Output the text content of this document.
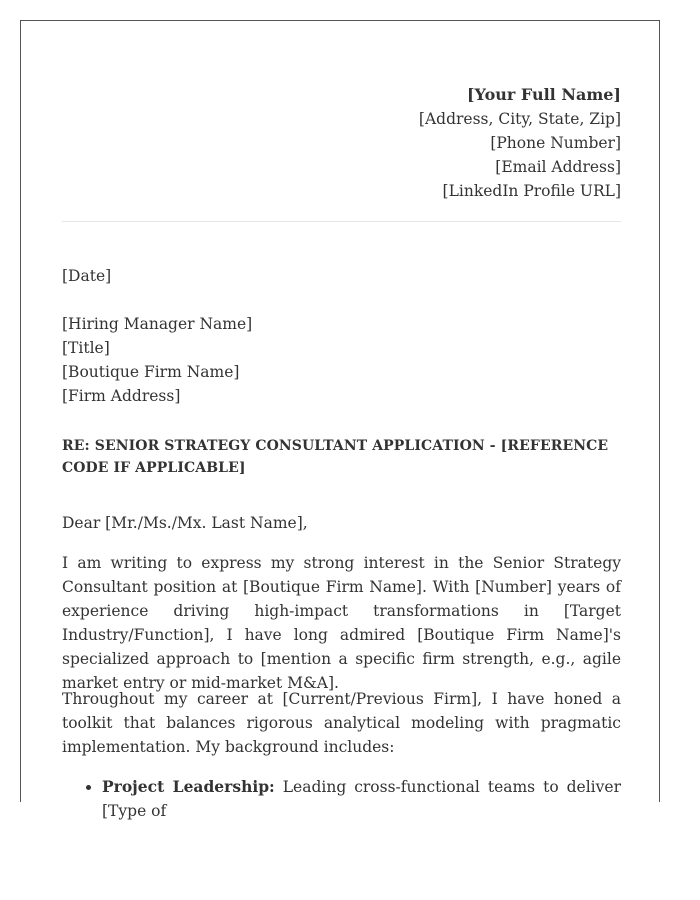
[Your Full Name]
[Address, City, State, Zip]
[Phone Number]
[Email Address]
[LinkedIn Profile URL]
[Date]
[Hiring Manager Name]
[Title]
[Boutique Firm Name]
[Firm Address]
RE: SENIOR STRATEGY CONSULTANT APPLICATION - [REFERENCE CODE IF APPLICABLE]
Dear [Mr./Ms./Mx. Last Name],

I am writing to express my strong interest in the Senior Strategy Consultant position at [Boutique Firm Name]. With [Number] years of experience driving high-impact transformations in [Target Industry/Function], I have long admired [Boutique Firm Name]'s specialized approach to [mention a specific firm strength, e.g., agile market entry or mid-market M&A].

Throughout my career at [Current/Previous Firm], I have honed a toolkit that balances rigorous analytical modeling with pragmatic implementation. My background includes:

Project Leadership: Leading cross-functional teams to deliver [Type of
